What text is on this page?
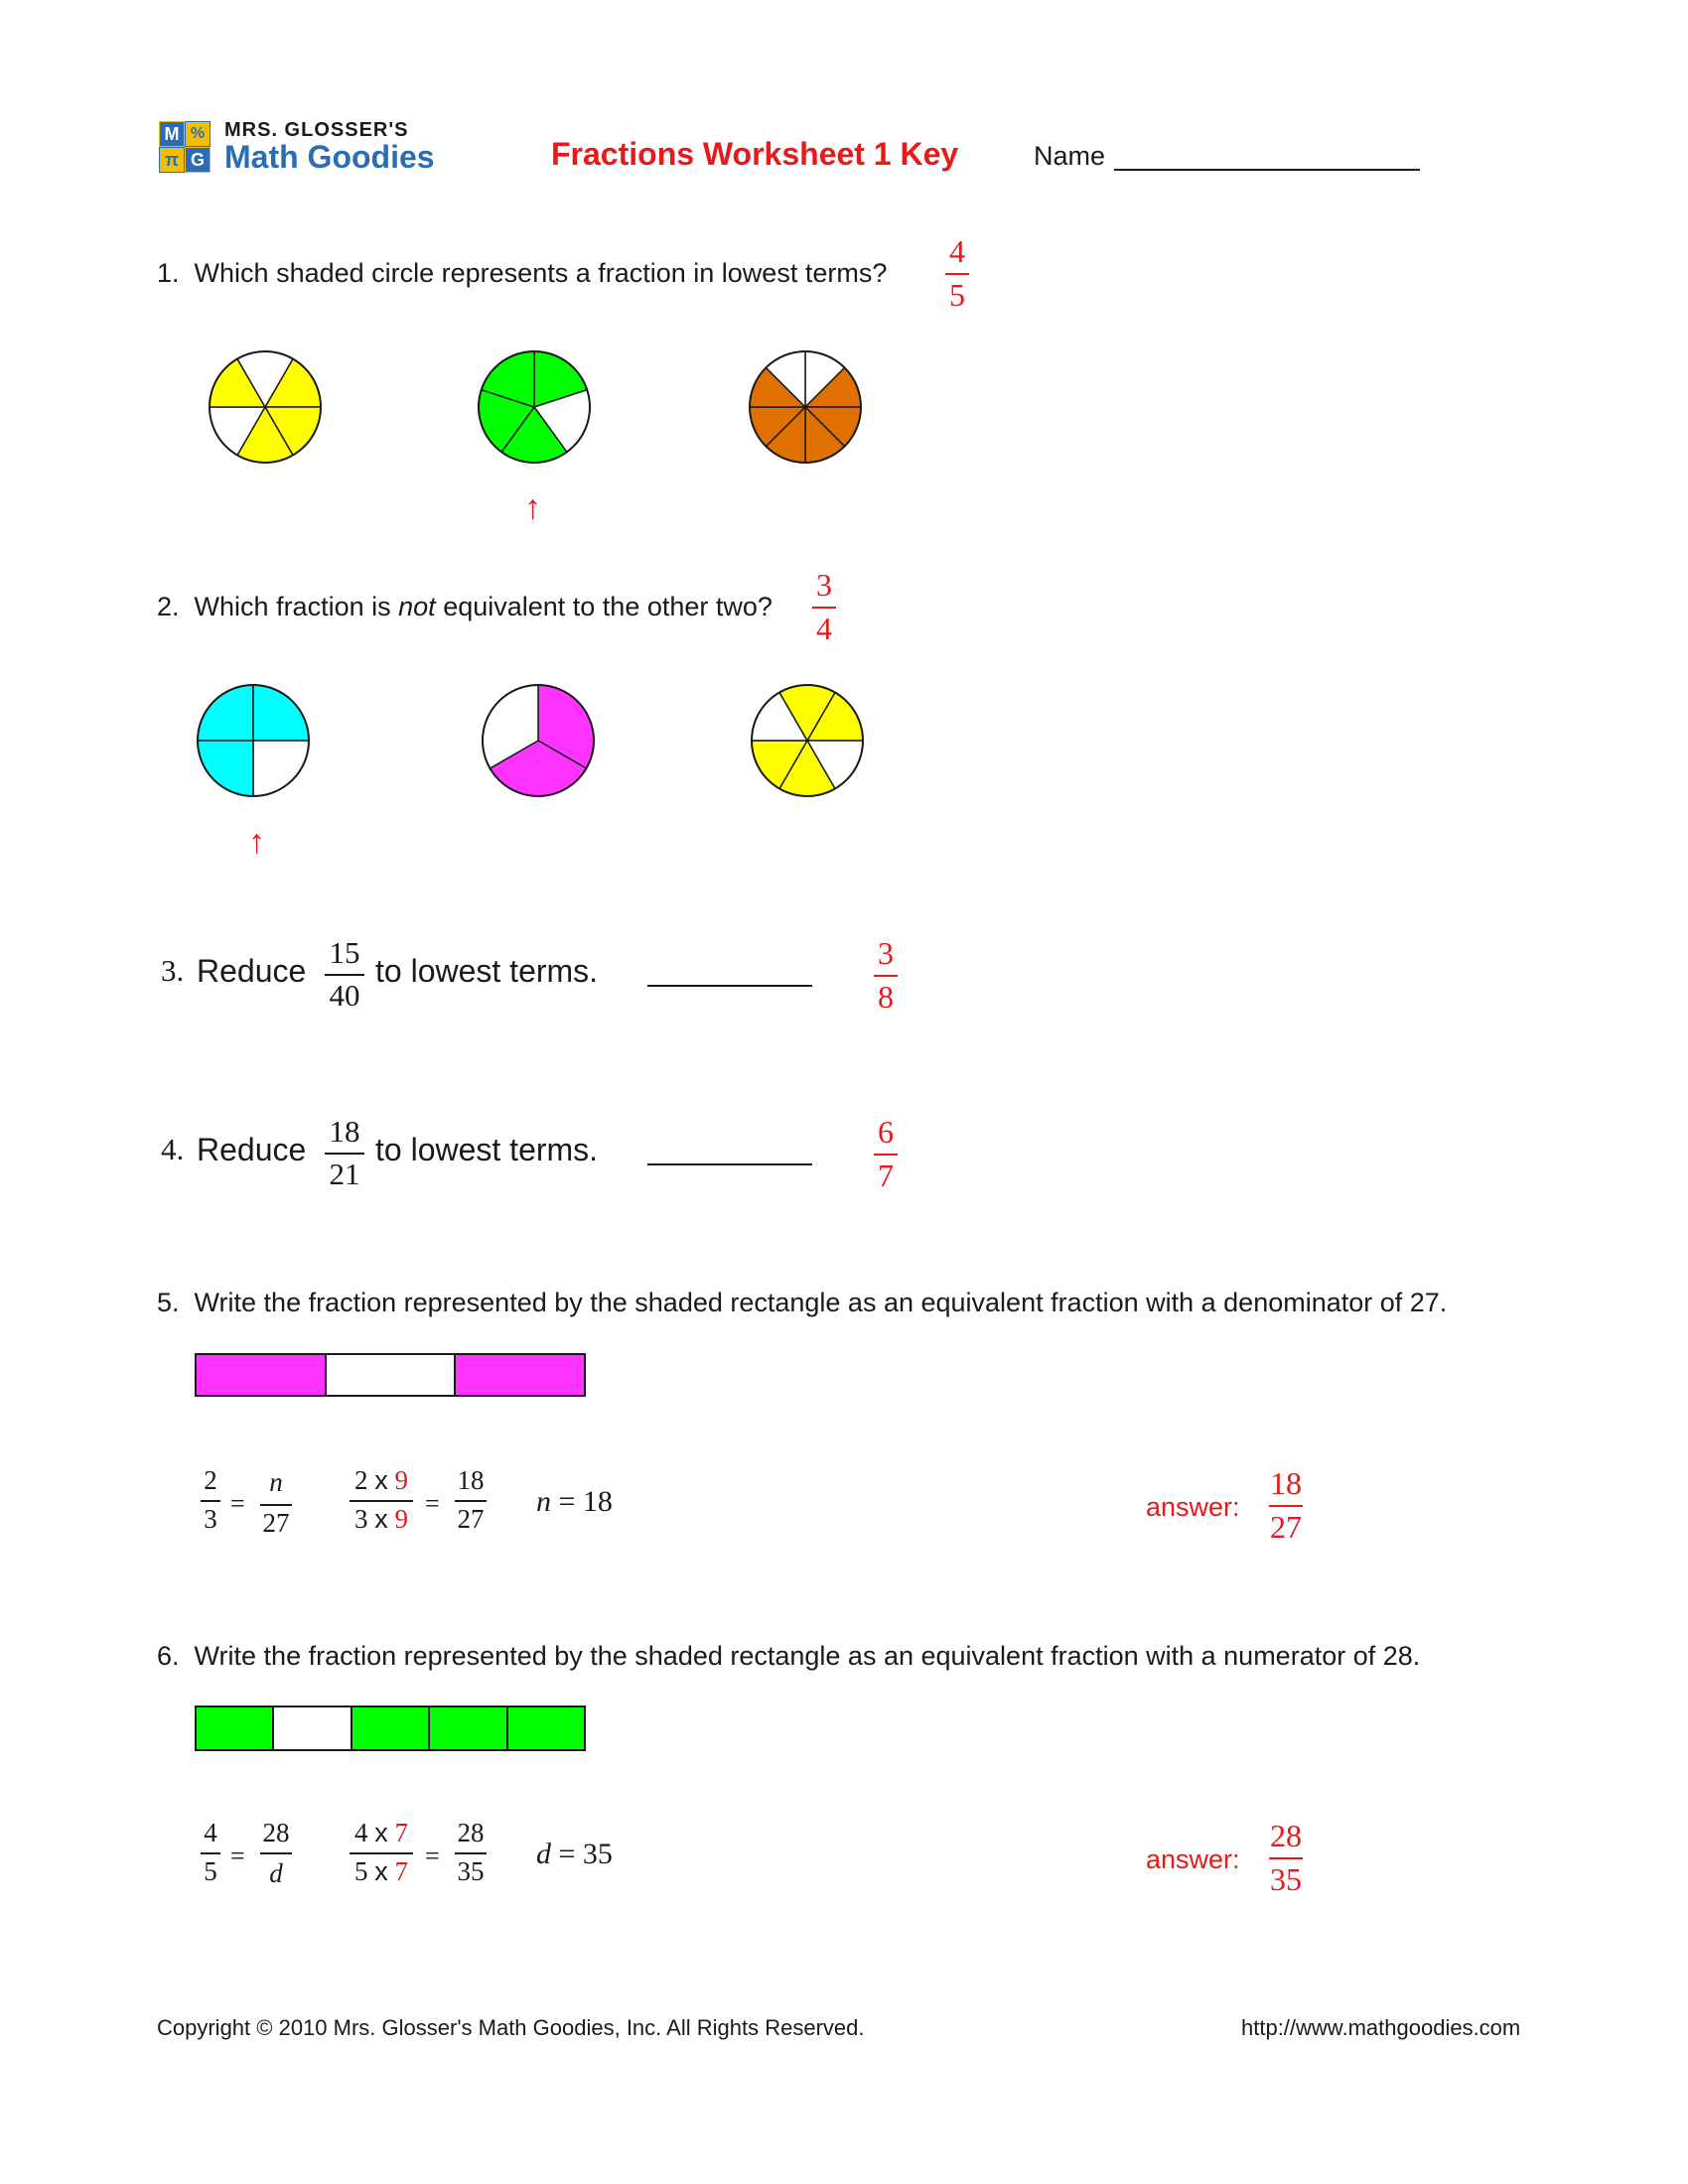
M %
π G
MRS. GLOSSER'S
Math Goodies	Fractions Worksheet 1 Key	Name
1. Which shaded circle represents a fraction in lowest terms?
4
5
↑
2. Which fraction is not equivalent to the other two?
3
4
↑
3. Reduce
15
40
to lowest terms.	3
8
4. Reduce
18
21
to lowest terms.	6
7
5. Write the fraction represented by the shaded rectangle as an equivalent fraction with a denominator of 27.
2
3 =
n
27
2 x 9
3 x 9 =
18
27
n = 18	answer:
18
27
6. Write the fraction represented by the shaded rectangle as an equivalent fraction with a numerator of 28.
4
5 =
28
d
4 x 7
5 x 7 =
28
35
d = 35	answer:
28
35
Copyright © 2010 Mrs. Glosser's Math Goodies, Inc. All Rights Reserved.	http://www.mathgoodies.com
